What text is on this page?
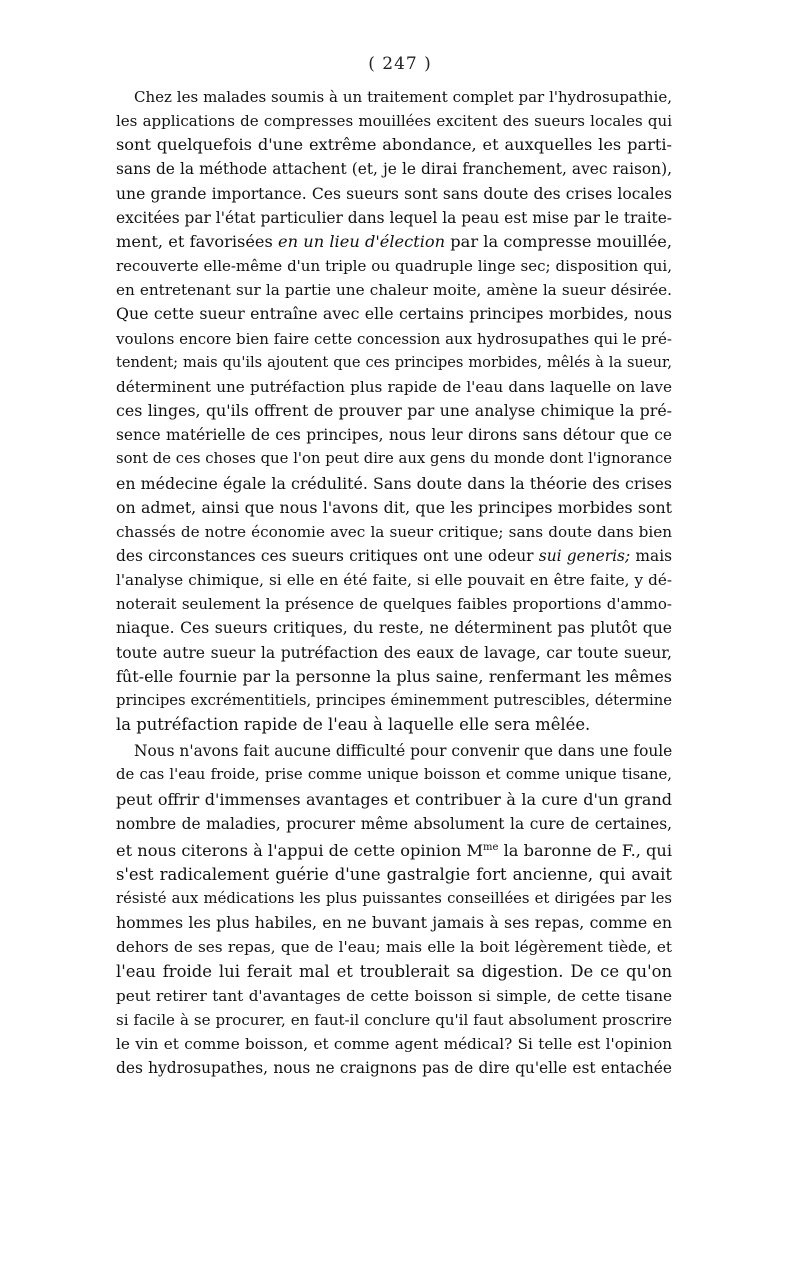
( 247 )
Chez les malades soumis à un traitement complet par l'hydrosupathie,
les applications de compresses mouillées excitent des sueurs locales qui
sont quelquefois d'une extrême abondance, et auxquelles les parti-
sans de la méthode attachent (et, je le dirai franchement, avec raison),
une grande importance. Ces sueurs sont sans doute des crises locales
excitées par l'état particulier dans lequel la peau est mise par le traite-
ment, et favorisées en un lieu d'élection par la compresse mouillée,
recouverte elle-même d'un triple ou quadruple linge sec; disposition qui,
en entretenant sur la partie une chaleur moite, amène la sueur désirée.
Que cette sueur entraîne avec elle certains principes morbides, nous
voulons encore bien faire cette concession aux hydrosupathes qui le pré-
tendent; mais qu'ils ajoutent que ces principes morbides, mêlés à la sueur,
déterminent une putréfaction plus rapide de l'eau dans laquelle on lave
ces linges, qu'ils offrent de prouver par une analyse chimique la pré-
sence matérielle de ces principes, nous leur dirons sans détour que ce
sont de ces choses que l'on peut dire aux gens du monde dont l'ignorance
en médecine égale la crédulité. Sans doute dans la théorie des crises
on admet, ainsi que nous l'avons dit, que les principes morbides sont
chassés de notre économie avec la sueur critique; sans doute dans bien
des circonstances ces sueurs critiques ont une odeur sui generis; mais
l'analyse chimique, si elle en été faite, si elle pouvait en être faite, y dé-
noterait seulement la présence de quelques faibles proportions d'ammo-
niaque. Ces sueurs critiques, du reste, ne déterminent pas plutôt que
toute autre sueur la putréfaction des eaux de lavage, car toute sueur,
fût-elle fournie par la personne la plus saine, renfermant les mêmes
principes excrémentitiels, principes éminemment putrescibles, détermine
la putréfaction rapide de l'eau à laquelle elle sera mêlée.
Nous n'avons fait aucune difficulté pour convenir que dans une foule
de cas l'eau froide, prise comme unique boisson et comme unique tisane,
peut offrir d'immenses avantages et contribuer à la cure d'un grand
nombre de maladies, procurer même absolument la cure de certaines,
et nous citerons à l'appui de cette opinion $M^{me}$ la baronne de F., qui
s'est radicalement guérie d'une gastralgie fort ancienne, qui avait
résisté aux médications les plus puissantes conseillées et dirigées par les
hommes les plus habiles, en ne buvant jamais à ses repas, comme en
dehors de ses repas, que de l'eau; mais elle la boit légèrement tiède, et
l'eau froide lui ferait mal et troublerait sa digestion. De ce qu'on
peut retirer tant d'avantages de cette boisson si simple, de cette tisane
si facile à se procurer, en faut-il conclure qu'il faut absolument proscrire
le vin et comme boisson, et comme agent médical? Si telle est l'opinion
des hydrosupathes, nous ne craignons pas de dire qu'elle est entachée
